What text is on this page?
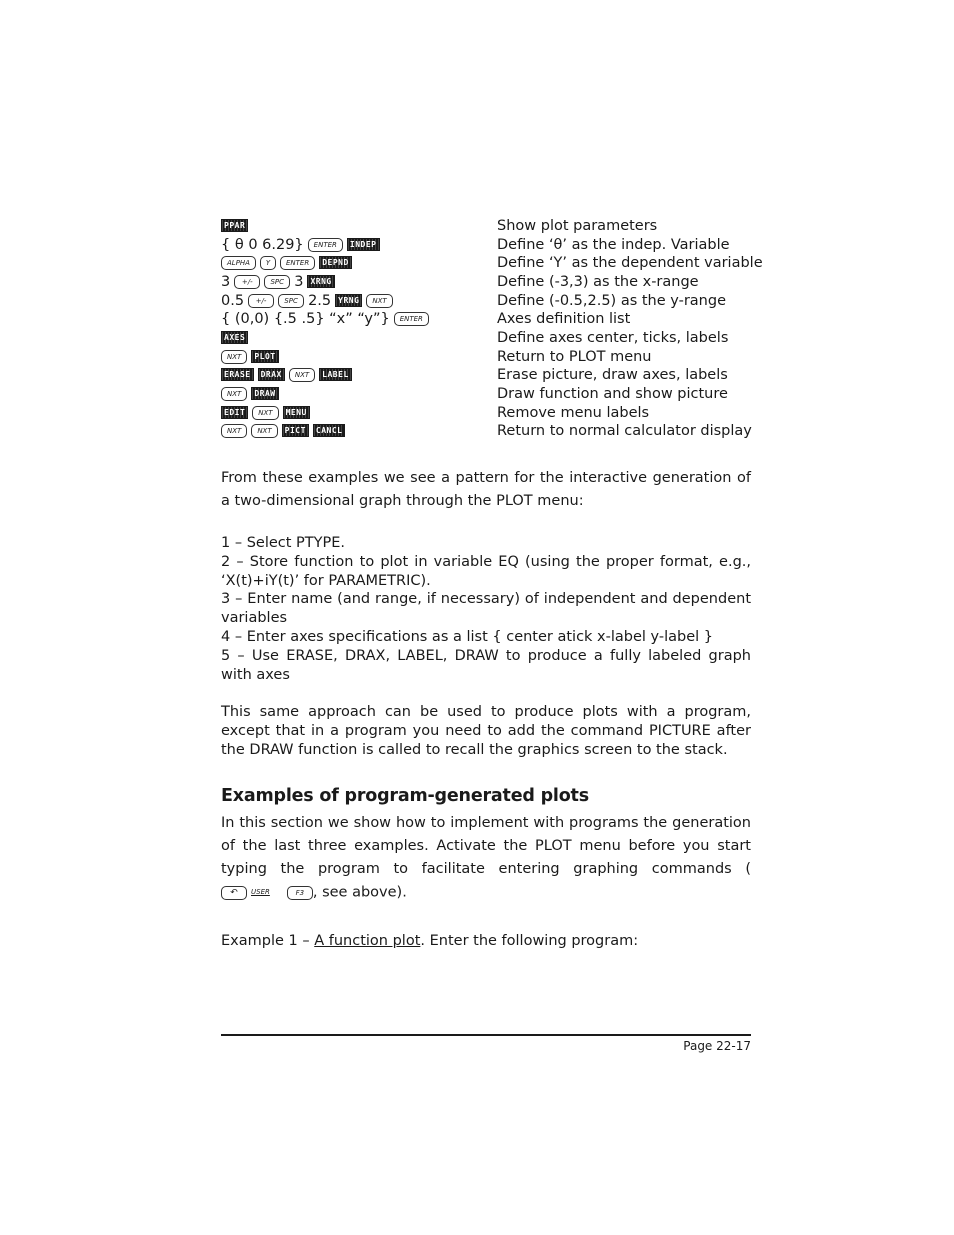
PPAR	Show plot parameters
{ θ 0 6.29}	ENTER	INDEP	Define ‘θ’ as the indep. Variable
ALPHA	Y	ENTER	DEPND	Define ‘Y’ as the dependent variable
3	+/-	SPC 3 XRNG	Define (-3,3) as the x-range
0.5	+/-	SPC 2.5 YRNG	NXT	Define (-0.5,2.5) as the y-range
{ (0,0) {.5 .5} “x” “y”}	ENTER	Axes definition list
AXES	Define axes center, ticks, labels
NXT	PLOT	Return to PLOT menu
ERASE	DRAX	NXT	LABEL	Erase picture, draw axes, labels
NXT	DRAW	Draw function and show picture
EDIT	NXT	MENU	Remove menu labels
NXT	NXT	PICT	CANCL	Return to normal calculator display
From these examples we see a pattern for the interactive generation of a two-dimensional graph through the PLOT menu:
1 – Select PTYPE.
2 – Store function to plot in variable EQ (using the proper format, e.g., ‘X(t)+iY(t)’ for PARAMETRIC).
3 – Enter name (and range, if necessary) of independent and dependent variables
4 – Enter axes specifications as a list { center atick x-label y-label }
5 – Use ERASE, DRAX, LABEL, DRAW to produce a fully labeled graph with axes
This same approach can be used to produce plots with a program, except that in a program you need to add the command PICTURE after the DRAW function is called to recall the graphics screen to the stack.
Examples of program-generated plots
In this section we show how to implement with programs the generation of the last three examples. Activate the PLOT menu before you start typing the program to facilitate entering graphing commands (
↶	USER	F3 , see above).
Example 1 – A function plot. Enter the following program:
Page 22-17
